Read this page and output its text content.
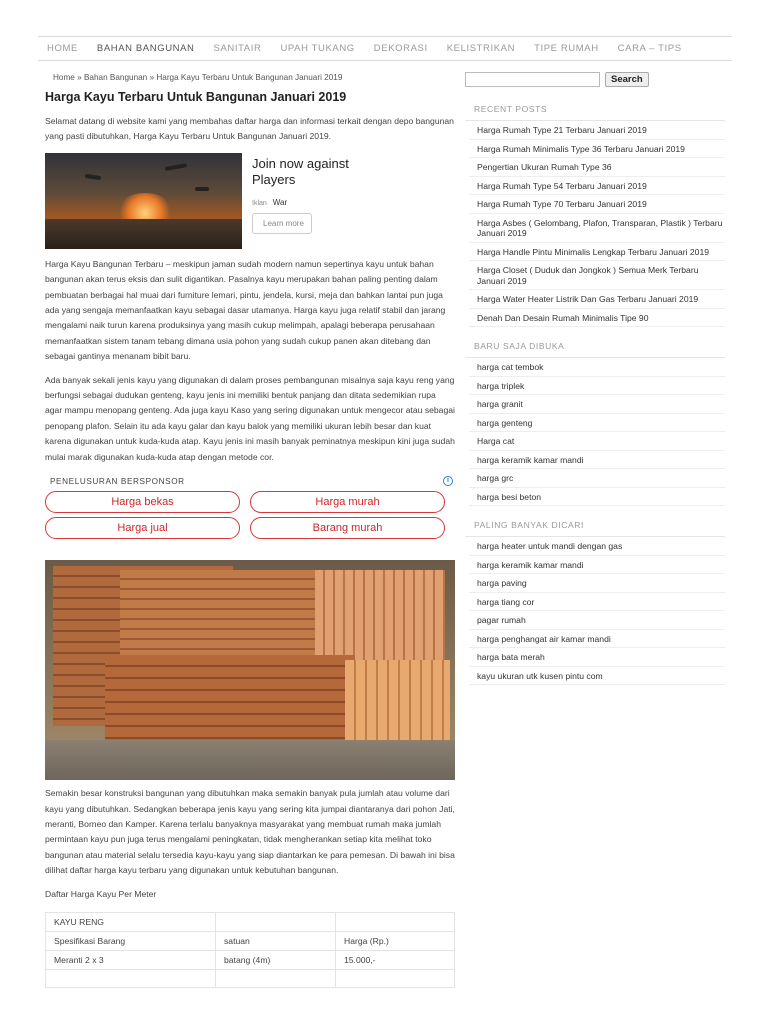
HOME BAHAN BANGUNAN SANITAIR UPAH TUKANG DEKORASI KELISTRIKAN TIPE RUMAH CARA – TIPS
Home » Bahan Bangunan » Harga Kayu Terbaru Untuk Bangunan Januari 2019
Harga Kayu Terbaru Untuk Bangunan Januari 2019

Selamat datang di website kami yang membahas daftar harga dan informasi terkait dengan depo bangunan yang pasti dibutuhkan, Harga Kayu Terbaru Untuk Bangunan Januari 2019.

Join now against Players
Iklan War
Learn more

Harga Kayu Bangunan Terbaru – meskipun jaman sudah modern namun sepertinya kayu untuk bahan bangunan akan terus eksis dan sulit digantikan. Pasalnya kayu merupakan bahan paling penting dalam pembuatan berbagai hal muai dari furniture lemari, pintu, jendela, kursi, meja dan bahkan lantai pun juga ada yang sengaja memanfaatkan kayu sebagai dasar utamanya. Harga kayu juga relatif stabil dan jarang mengalami naik turun karena produksinya yang masih cukup melimpah, apalagi beberapa perusahaan memanfaatkan sistem tanam tebang dimana usia pohon yang sudah cukup panen akan ditebang dan sebagai gantinya menanam bibit baru.

Ada banyak sekali jenis kayu yang digunakan di dalam proses pembangunan misalnya saja kayu reng yang berfungsi sebagai dudukan genteng, kayu jenis ini memiliki bentuk panjang dan ditata sedemikian rupa agar mampu menopang genteng. Ada juga kayu Kaso yang sering digunakan untuk mengecor atau sebagai penopang plafon. Selain itu ada kayu galar dan kayu balok yang memiliki ukuran lebih besar dan kuat karena digunakan untuk kuda-kuda atap. Kayu jenis ini masih banyak peminatnya meskipun kini juga sudah mulai marak digunakan kuda-kuda atap dengan metode cor.

PENELUSURAN BERSPONSOR	i
Harga bekas	Harga murah
Harga jual	Barang murah

Semakin besar konstruksi bangunan yang dibutuhkan maka semakin banyak pula jumlah atau volume dari kayu yang dibutuhkan. Sedangkan beberapa jenis kayu yang sering kita jumpai diantaranya dari pohon Jati, meranti, Borneo dan Kamper. Karena terlalu banyaknya masyarakat yang membuat rumah maka jumlah permintaan kayu pun juga terus mengalami peningkatan, tidak mengherankan setiap kita melihat toko bangunan atau material selalu tersedia kayu-kayu yang siap diantarkan ke para pemesan. Di bawah ini bisa dilihat daftar harga kayu terbaru yang digunakan untuk kebutuhan bangunan.

Daftar Harga Kayu Per Meter

KAYU RENG		
Spesifikasi Barang	satuan	Harga (Rp.)
Meranti 2 x 3	batang (4m)	15.000,-

Search
RECENT POSTS
Harga Rumah Type 21 Terbaru Januari 2019
Harga Rumah Minimalis Type 36 Terbaru Januari 2019
Pengertian Ukuran Rumah Type 36
Harga Rumah Type 54 Terbaru Januari 2019
Harga Rumah Type 70 Terbaru Januari 2019
Harga Asbes ( Gelombang, Plafon, Transparan, Plastik ) Terbaru Januari 2019
Harga Handle Pintu Minimalis Lengkap Terbaru Januari 2019
Harga Closet ( Duduk dan Jongkok ) Semua Merk Terbaru Januari 2019
Harga Water Heater Listrik Dan Gas Terbaru Januari 2019
Denah Dan Desain Rumah Minimalis Tipe 90
BARU SAJA DIBUKA
harga cat tembok
harga triplek
harga granit
harga genteng
Harga cat
harga keramik kamar mandi
harga grc
harga besi beton
PALING BANYAK DICARI
harga heater untuk mandi dengan gas
harga keramik kamar mandi
harga paving
harga tiang cor
pagar rumah
harga penghangat air kamar mandi
harga bata merah
kayu ukuran utk kusen pintu com
